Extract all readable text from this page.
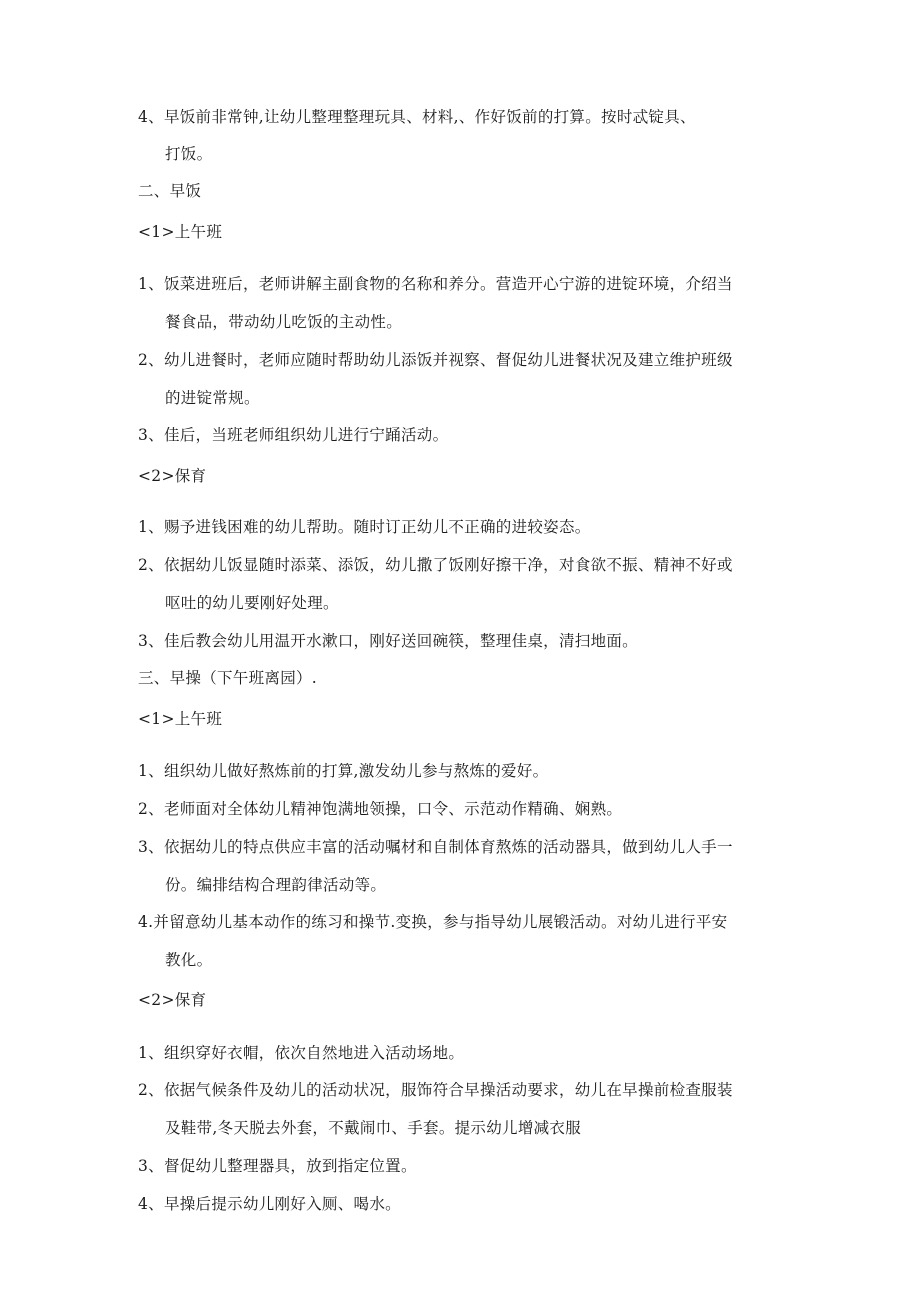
4、早饭前非常钟,让幼儿整理整理玩具、材料,、作好饭前的打算。按时忒锭具、
打饭。
二、早饭
<1>上午班
1、饭菜进班后，老师讲解主副食物的名称和养分。营造开心宁游的进锭环境，介绍当
餐食品，带动幼儿吃饭的主动性。
2、幼儿进餐时，老师应随时帮助幼儿添饭并视察、督促幼儿进餐状况及建立维护班级
的进锭常规。
3、佳后，当班老师组织幼儿进行宁踊活动。
<2>保育
1、赐予进钱困难的幼儿帮助。随时订正幼儿不正确的进较姿态。
2、依据幼儿饭显随时添菜、添饭，幼儿撒了饭刚好擦干净，对食欲不振、精神不好或
呕吐的幼儿要刚好处理。
3、佳后教会幼儿用温开水漱口，刚好送回碗筷，整理佳桌，清扫地面。
三、早操（下午班离园）.
<1>上午班
1、组织幼儿做好熬炼前的打算,激发幼儿参与熬炼的爱好。
2、老师面对全体幼儿精神饱满地领操，口令、示范动作精确、娴熟。
3、依据幼儿的特点供应丰富的活动嘱材和自制体育熬炼的活动器具，做到幼儿人手一
份。编排结构合理韵律活动等。
4.并留意幼儿基本动作的练习和操节.变换，参与指导幼儿展锻活动。对幼儿进行平安
教化。
<2>保育
1、组织穿好衣帽，依次自然地进入活动场地。
2、依据气候条件及幼儿的活动状况，服饰符合早操活动要求，幼儿在早操前检查服装
及鞋带,冬天脱去外套，不戴闹巾、手套。提示幼儿增减衣服
3、督促幼儿整理器具，放到指定位置。
4、早操后提示幼儿刚好入厕、喝水。
